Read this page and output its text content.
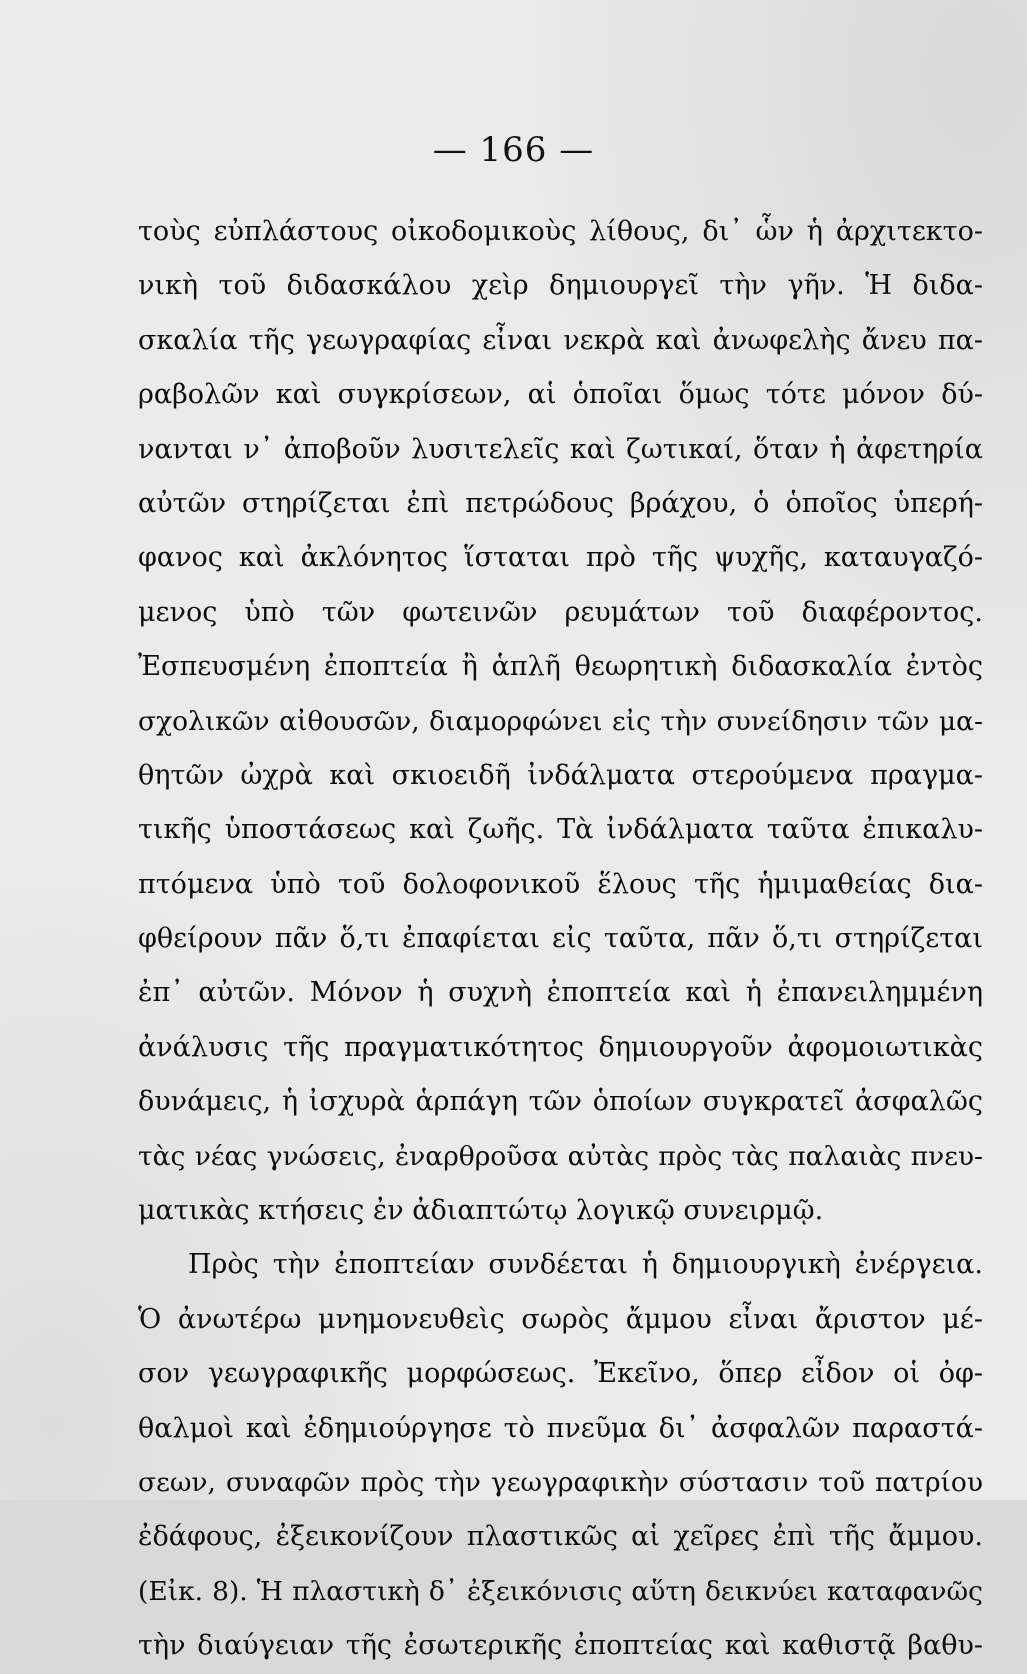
— 166 —
τοὺς εὐπλάστους οἰκοδομικοὺς λίθους, δι᾽ ὧν ἡ ἀρχιτεκτο-
νικὴ τοῦ διδασκάλου χεὶρ δημιουργεῖ τὴν γῆν. Ἡ διδα-
σκαλία τῆς γεωγραφίας εἶναι νεκρὰ καὶ ἀνωφελὴς ἄνευ πα-
ραβολῶν καὶ συγκρίσεων, αἱ ὁποῖαι ὅμως τότε μόνον δύ-
νανται ν᾽ ἀποβοῦν λυσιτελεῖς καὶ ζωτικαί, ὅταν ἡ ἀφετηρία
αὐτῶν στηρίζεται ἐπὶ πετρώδους βράχου, ὁ ὁποῖος ὑπερή-
φανος καὶ ἀκλόνητος ἵσταται πρὸ τῆς ψυχῆς, καταυγαζό-
μενος ὑπὸ τῶν φωτεινῶν ρευμάτων τοῦ διαφέροντος.
Ἐσπευσμένη ἐποπτεία ἢ ἁπλῆ θεωρητικὴ διδασκαλία ἐντὸς
σχολικῶν αἰθουσῶν, διαμορφώνει εἰς τὴν συνείδησιν τῶν μα-
θητῶν ὠχρὰ καὶ σκιοειδῆ ἰνδάλματα στερούμενα πραγμα-
τικῆς ὑποστάσεως καὶ ζωῆς. Τὰ ἰνδάλματα ταῦτα ἐπικαλυ-
πτόμενα ὑπὸ τοῦ δολοφονικοῦ ἕλους τῆς ἡμιμαθείας δια-
φθείρουν πᾶν ὅ,τι ἐπαφίεται εἰς ταῦτα, πᾶν ὅ,τι στηρίζεται
ἐπ᾽ αὐτῶν. Μόνον ἡ συχνὴ ἐποπτεία καὶ ἡ ἐπανειλημμένη
ἀνάλυσις τῆς πραγματικότητος δημιουργοῦν ἀφομοιωτικὰς
δυνάμεις, ἡ ἰσχυρὰ ἁρπάγη τῶν ὁποίων συγκρατεῖ ἀσφαλῶς
τὰς νέας γνώσεις, ἐναρθροῦσα αὐτὰς πρὸς τὰς παλαιὰς πνευ-
ματικὰς κτήσεις ἐν ἀδιαπτώτῳ λογικῷ συνειρμῷ.
Πρὸς τὴν ἐποπτείαν συνδέεται ἡ δημιουργικὴ ἐνέργεια.
Ὁ ἀνωτέρω μνημονευθεὶς σωρὸς ἄμμου εἶναι ἄριστον μέ-
σον γεωγραφικῆς μορφώσεως. Ἐκεῖνο, ὅπερ εἶδον οἱ ὀφ-
θαλμοὶ καὶ ἐδημιούργησε τὸ πνεῦμα δι᾽ ἀσφαλῶν παραστά-
σεων, συναφῶν πρὸς τὴν γεωγραφικὴν σύστασιν τοῦ πατρίου
ἐδάφους, ἐξεικονίζουν πλαστικῶς αἱ χεῖρες ἐπὶ τῆς ἄμμου.
(Εἰκ. 8). Ἡ πλαστικὴ δ᾽ ἐξεικόνισις αὕτη δεικνύει καταφανῶς
τὴν διαύγειαν τῆς ἐσωτερικῆς ἐποπτείας καὶ καθιστᾷ βαθυ-
